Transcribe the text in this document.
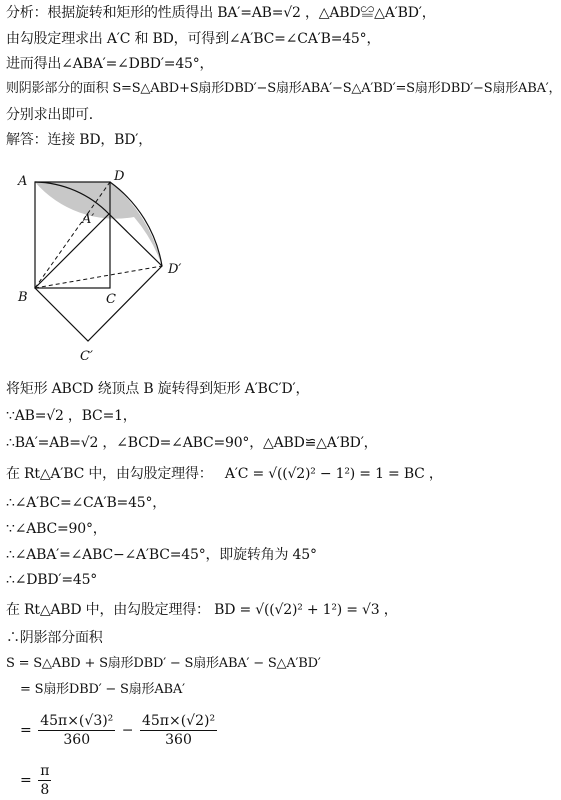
分析：根据旋转和矩形的性质得出 BA′=AB=√2 ，△ABD≌△A′BD′，
由勾股定理求出 A′C 和 BD，可得到∠A′BC=∠CA′B=45°，
进而得出∠ABA′=∠DBD′=45°，
则阴影部分的面积 S=S△ABD+S扇形DBD′−S扇形ABA′−S△A′BD′=S扇形DBD′−S扇形ABA′，
分别求出即可．
解答：连接 BD，BD′，
A	D
A′
D′
B	C
C′
将矩形 ABCD 绕顶点 B 旋转得到矩形 A′BC′D′，
∵AB=√2 ，BC=1，
∴BA′=AB=√2 ，∠BCD=∠ABC=90°，△ABD≌△A′BD′，
在 Rt△A′BC 中，由勾股定理得： A′C = √((√2)² − 1²) = 1 = BC ，
∴∠A′BC=∠CA′B=45°，
∵∠ABC=90°，
∴∠ABA′=∠ABC−∠A′BC=45°，即旋转角为 45°
∴∠DBD′=45°
在 Rt△ABD 中，由勾股定理得： BD = √((√2)² + 1²) = √3 ，
∴阴影部分面积
S = S△ABD + S扇形DBD′ − S扇形ABA′ − S△A′BD′
= S扇形DBD′ − S扇形ABA′
= $\frac{\text{45π×(√3)²}}{360} - \frac{\text{45π×(√2)²}}{360}$
= $\frac{\pi}{8}$
